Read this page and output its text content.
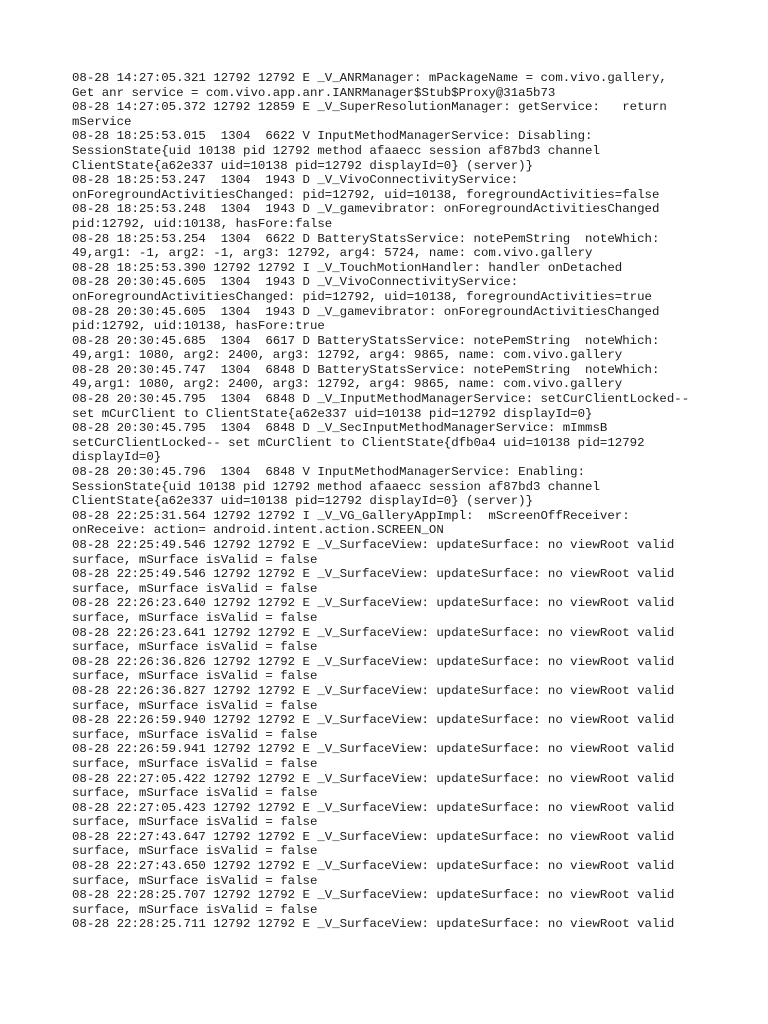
08-28 14:27:05.321 12792 12792 E _V_ANRManager: mPackageName = com.vivo.gallery,
Get anr service = com.vivo.app.anr.IANRManager$Stub$Proxy@31a5b73
08-28 14:27:05.372 12792 12859 E _V_SuperResolutionManager: getService:   return
mService
08-28 18:25:53.015  1304  6622 V InputMethodManagerService: Disabling:
SessionState{uid 10138 pid 12792 method afaaecc session af87bd3 channel
ClientState{a62e337 uid=10138 pid=12792 displayId=0} (server)}
08-28 18:25:53.247  1304  1943 D _V_VivoConnectivityService:
onForegroundActivitiesChanged: pid=12792, uid=10138, foregroundActivities=false
08-28 18:25:53.248  1304  1943 D _V_gamevibrator: onForegroundActivitiesChanged
pid:12792, uid:10138, hasFore:false
08-28 18:25:53.254  1304  6622 D BatteryStatsService: notePemString  noteWhich:
49,arg1: -1, arg2: -1, arg3: 12792, arg4: 5724, name: com.vivo.gallery
08-28 18:25:53.390 12792 12792 I _V_TouchMotionHandler: handler onDetached
08-28 20:30:45.605  1304  1943 D _V_VivoConnectivityService:
onForegroundActivitiesChanged: pid=12792, uid=10138, foregroundActivities=true
08-28 20:30:45.605  1304  1943 D _V_gamevibrator: onForegroundActivitiesChanged
pid:12792, uid:10138, hasFore:true
08-28 20:30:45.685  1304  6617 D BatteryStatsService: notePemString  noteWhich:
49,arg1: 1080, arg2: 2400, arg3: 12792, arg4: 9865, name: com.vivo.gallery
08-28 20:30:45.747  1304  6848 D BatteryStatsService: notePemString  noteWhich:
49,arg1: 1080, arg2: 2400, arg3: 12792, arg4: 9865, name: com.vivo.gallery
08-28 20:30:45.795  1304  6848 D _V_InputMethodManagerService: setCurClientLocked--
set mCurClient to ClientState{a62e337 uid=10138 pid=12792 displayId=0}
08-28 20:30:45.795  1304  6848 D _V_SecInputMethodManagerService: mImmsB
setCurClientLocked-- set mCurClient to ClientState{dfb0a4 uid=10138 pid=12792
displayId=0}
08-28 20:30:45.796  1304  6848 V InputMethodManagerService: Enabling:
SessionState{uid 10138 pid 12792 method afaaecc session af87bd3 channel
ClientState{a62e337 uid=10138 pid=12792 displayId=0} (server)}
08-28 22:25:31.564 12792 12792 I _V_VG_GalleryAppImpl:  mScreenOffReceiver:
onReceive: action= android.intent.action.SCREEN_ON
08-28 22:25:49.546 12792 12792 E _V_SurfaceView: updateSurface: no viewRoot valid
surface, mSurface isValid = false
08-28 22:25:49.546 12792 12792 E _V_SurfaceView: updateSurface: no viewRoot valid
surface, mSurface isValid = false
08-28 22:26:23.640 12792 12792 E _V_SurfaceView: updateSurface: no viewRoot valid
surface, mSurface isValid = false
08-28 22:26:23.641 12792 12792 E _V_SurfaceView: updateSurface: no viewRoot valid
surface, mSurface isValid = false
08-28 22:26:36.826 12792 12792 E _V_SurfaceView: updateSurface: no viewRoot valid
surface, mSurface isValid = false
08-28 22:26:36.827 12792 12792 E _V_SurfaceView: updateSurface: no viewRoot valid
surface, mSurface isValid = false
08-28 22:26:59.940 12792 12792 E _V_SurfaceView: updateSurface: no viewRoot valid
surface, mSurface isValid = false
08-28 22:26:59.941 12792 12792 E _V_SurfaceView: updateSurface: no viewRoot valid
surface, mSurface isValid = false
08-28 22:27:05.422 12792 12792 E _V_SurfaceView: updateSurface: no viewRoot valid
surface, mSurface isValid = false
08-28 22:27:05.423 12792 12792 E _V_SurfaceView: updateSurface: no viewRoot valid
surface, mSurface isValid = false
08-28 22:27:43.647 12792 12792 E _V_SurfaceView: updateSurface: no viewRoot valid
surface, mSurface isValid = false
08-28 22:27:43.650 12792 12792 E _V_SurfaceView: updateSurface: no viewRoot valid
surface, mSurface isValid = false
08-28 22:28:25.707 12792 12792 E _V_SurfaceView: updateSurface: no viewRoot valid
surface, mSurface isValid = false
08-28 22:28:25.711 12792 12792 E _V_SurfaceView: updateSurface: no viewRoot valid
